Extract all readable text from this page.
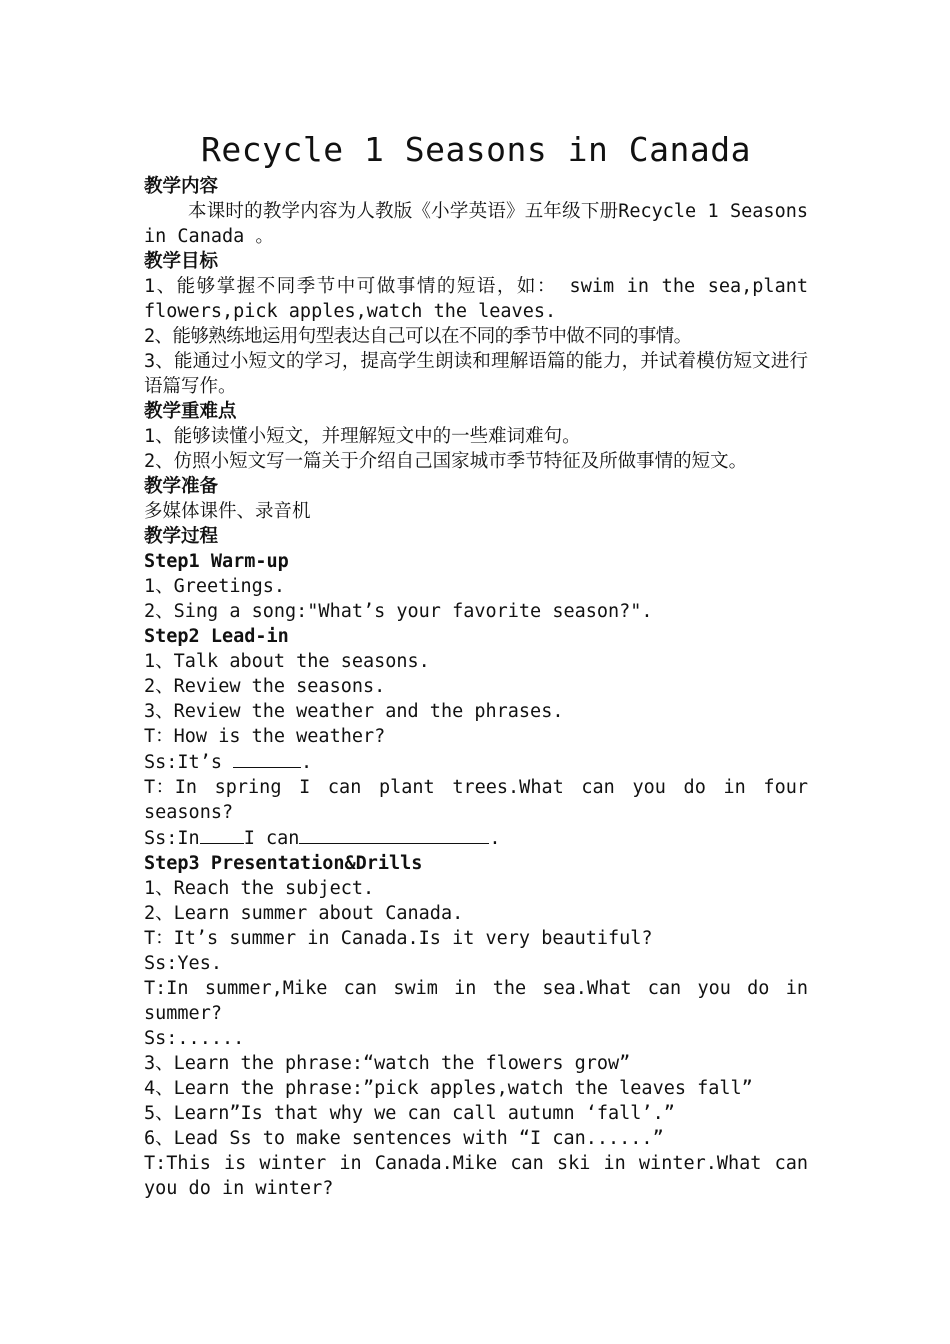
Recycle 1 Seasons in Canada

教学内容

本课时的教学内容为人教版《小学英语》五年级下册Recycle 1 Seasons  in Canada 。

教学目标

1、能够掌握不同季节中可做事情的短语，如： swim in the sea,plant flowers,pick apples,watch the leaves.

2、能够熟练地运用句型表达自己可以在不同的季节中做不同的事情。

3、能通过小短文的学习，提高学生朗读和理解语篇的能力，并试着模仿短文进行语篇写作。

教学重难点

1、能够读懂小短文，并理解短文中的一些难词难句。

2、仿照小短文写一篇关于介绍自己国家城市季节特征及所做事情的短文。

教学准备

多媒体课件、录音机

教学过程

Step1 Warm-up

1、Greetings.

2、Sing a song:"What’s your favorite season?".

Step2 Lead-in

1、Talk about the seasons.

2、Review the seasons.

3、Review the weather and the phrases.

T：How is the weather?

Ss:It’s	.

T：In spring I can plant trees.What can you do in four seasons?

Ss:In I can	.

Step3 Presentation&Drills

1、Reach the subject.

2、Learn summer about Canada.

T：It’s summer in Canada.Is it very beautiful?

Ss:Yes.

T:In summer,Mike can swim in the sea.What can you do in summer?

Ss:......

3、Learn the phrase:“watch the flowers grow”

4、Learn the phrase:”pick apples,watch the leaves fall”

5、Learn”Is that why we can call autumn ‘fall’.”

6、Lead Ss to make sentences with “I can......”

T:This is winter in Canada.Mike can ski in winter.What can you do in winter?
